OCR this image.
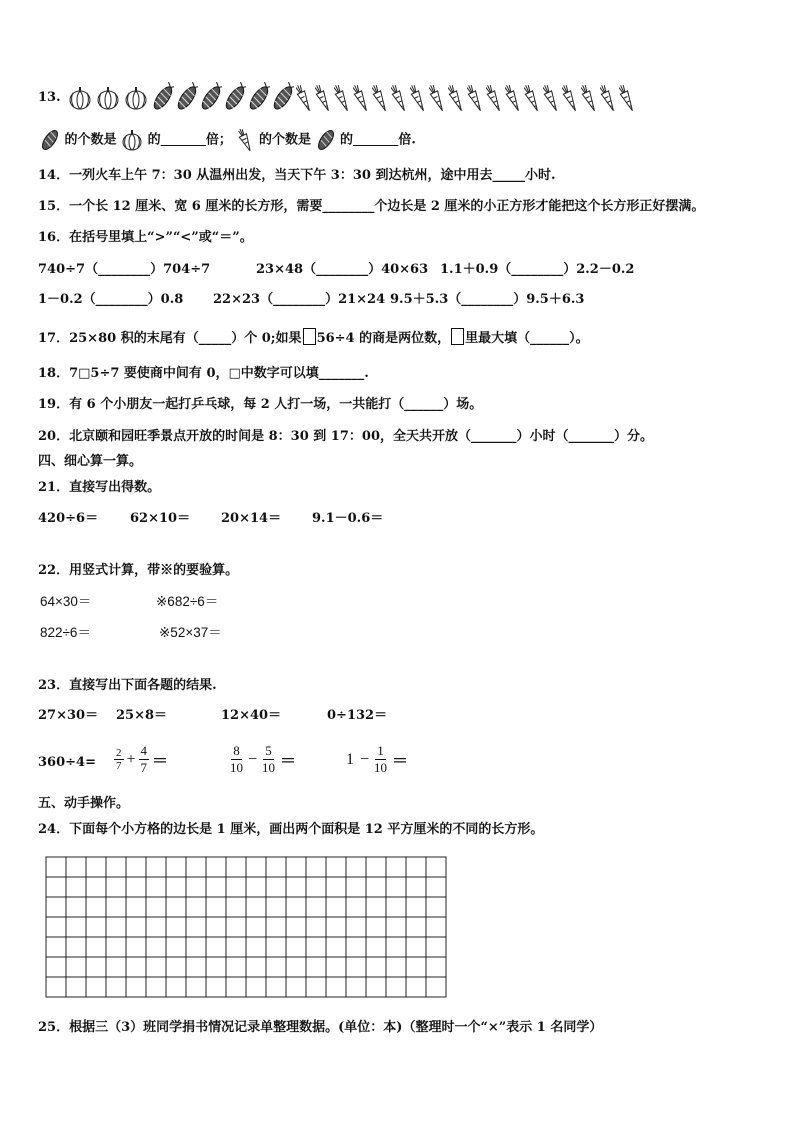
13.
的个数是 的	倍； 的个数是 的	倍.
14．一列火车上午 7：30 从温州出发，当天下午 3：30 到达杭州，途中用去_____小时.
15．一个长 12 厘米、宽 6 厘米的长方形，需要________个边长是 2 厘米的小正方形才能把这个长方形正好摆满。
16．在括号里填上“>”“<”或“＝”。
740÷7（________）704÷7	23×48（________）40×63 1.1＋0.9（________）2.2－0.2
1－0.2（________）0.8 22×23（________）21×24 9.5＋5.3（________）9.5＋6.3
17．25×80 积的末尾有（_____）个 0;如果 56÷4 的商是两位数， 里最大填（______）。
18．7□5÷7 要使商中间有 0，□中数字可以填_______.
19．有 6 个小朋友一起打乒乓球，每 2 人打一场，一共能打（______）场。
20．北京颐和园旺季景点开放的时间是 8：30 到 17：00，全天共开放（_______）小时（_______）分。
四、细心算一算。
21．直接写出得数。
420÷6＝ 62×10＝ 20×14＝ 9.1－0.6＝
22．用竖式计算，带※的要验算。
64×30＝	※682÷6＝
822÷6＝	※52×37＝
23．直接写出下面各题的结果.
27×30＝ 25×8＝	12×40＝	0÷132＝
$360\div 4= \frac{2}{7} + \frac{4}{7}$ ＝	$\frac{8}{10} - \frac{5}{10}$ ＝	$1 - \frac{1}{10}$ ＝
五、动手操作。
24．下面每个小方格的边长是 1 厘米，画出两个面积是 12 平方厘米的不同的长方形。
25．根据三（3）班同学捐书情况记录单整理数据。(单位：本)（整理时一个“×”表示 1 名同学）
